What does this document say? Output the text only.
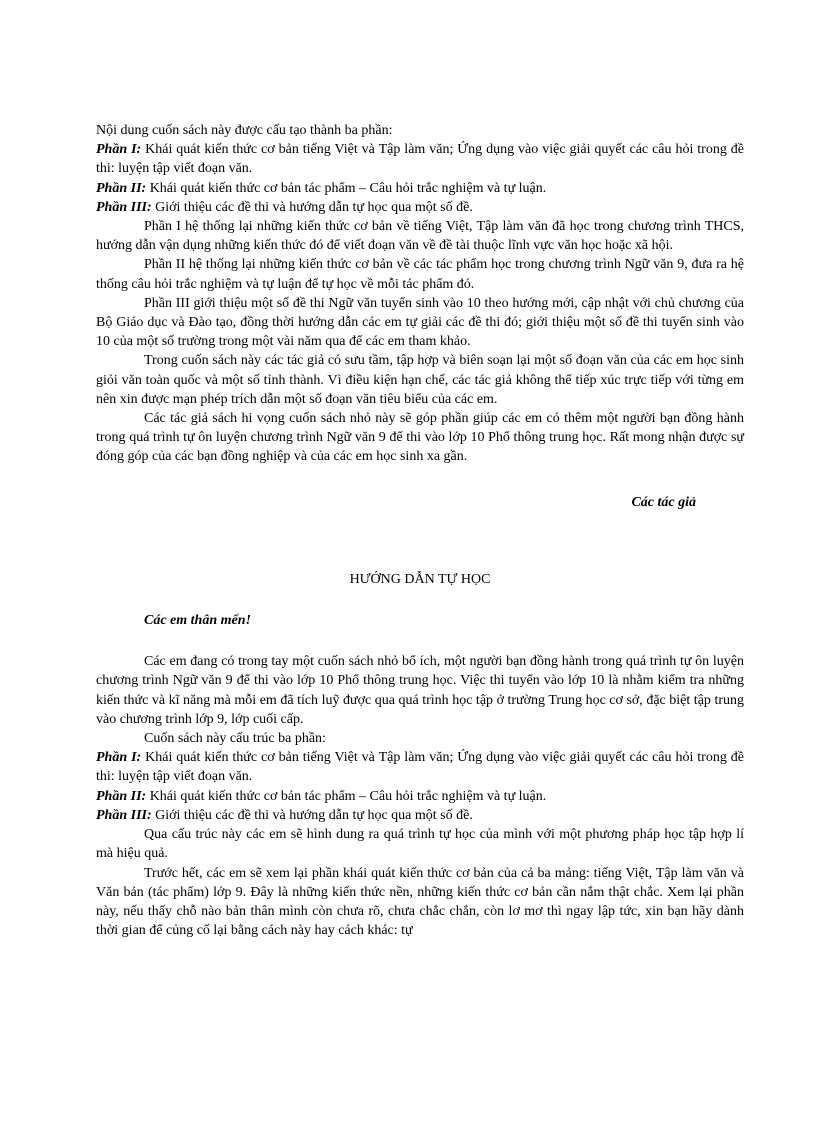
Nội dung cuốn sách này được cấu tạo thành ba phần:

Phần I: Khái quát kiến thức cơ bản tiếng Việt và Tập làm văn; Ứng dụng vào việc giải quyết các câu hỏi trong đề thi: luyện tập viết đoạn văn.

Phần II: Khái quát kiến thức cơ bản tác phẩm – Câu hỏi trắc nghiệm và tự luận.

Phần III: Giới thiệu các đề thi và hướng dẫn tự học qua một số đề.

Phần I hệ thống lại những kiến thức cơ bản về tiếng Việt, Tập làm văn đã học trong chương trình THCS, hướng dẫn vận dụng những kiến thức đó để viết đoạn văn về đề tài thuộc lĩnh vực văn học hoặc xã hội.

Phần II hệ thống lại những kiến thức cơ bản về các tác phẩm học trong chương trình Ngữ văn 9, đưa ra hệ thống câu hỏi trắc nghiệm và tự luận để tự học về mỗi tác phẩm đó.

Phần III giới thiệu một số đề thi Ngữ văn tuyển sinh vào 10 theo hướng mới, cập nhật với chủ chương của Bộ Giáo dục và Đào tạo, đồng thời hướng dẫn các em tự giải các đề thi đó; giới thiệu một số đề thi tuyển sinh vào 10 của một số trường trong một vài năm qua để các em tham khảo.

Trong cuốn sách này các tác giả có sưu tầm, tập hợp và biên soạn lại một số đoạn văn của các em học sinh giỏi văn toàn quốc và một số tỉnh thành. Vì điều kiện hạn chế, các tác giả không thể tiếp xúc trực tiếp với từng em nên xin được mạn phép trích dẫn một số đoạn văn tiêu biểu của các em.

Các tác giả sách hi vọng cuốn sách nhỏ này sẽ góp phần giúp các em có thêm một người bạn đồng hành trong quá trình tự ôn luyện chương trình Ngữ văn 9 để thi vào lớp 10 Phổ thông trung học. Rất mong nhận được sự đóng góp của các bạn đồng nghiệp và của các em học sinh xa gần.

Các tác giả

HƯỚNG DẪN TỰ HỌC

Các em thân mến!

Các em đang có trong tay một cuốn sách nhỏ bổ ích, một người bạn đồng hành trong quá trình tự ôn luyện chương trình Ngữ văn 9 để thi vào lớp 10 Phổ thông trung học. Việc thi tuyển vào lớp 10 là nhằm kiểm tra những kiến thức và kĩ năng mà mỗi em đã tích luỹ được qua quá trình học tập ở trường Trung học cơ sở, đặc biệt tập trung vào chương trình lớp 9, lớp cuối cấp.

Cuốn sách này cấu trúc ba phần:

Phần I: Khái quát kiến thức cơ bản tiếng Việt và Tập làm văn; Ứng dụng vào việc giải quyết các câu hỏi trong đề thi: luyện tập viết đoạn văn.

Phần II: Khái quát kiến thức cơ bản tác phẩm – Câu hỏi trắc nghiệm và tự luận.

Phần III: Giới thiệu các đề thi và hướng dẫn tự học qua một số đề.

Qua cấu trúc này các em sẽ hình dung ra quá trình tự học của mình với một phương pháp học tập hợp lí mà hiệu quả.

Trước hết, các em sẽ xem lại phần khái quát kiến thức cơ bản của cả ba mảng: tiếng Việt, Tập làm văn và Văn bản (tác phẩm) lớp 9. Đây là những kiến thức nền, những kiến thức cơ bản cần nắm thật chắc. Xem lại phần này, nếu thấy chỗ nào bản thân mình còn chưa rõ, chưa chắc chắn, còn lơ mơ thì ngay lập tức, xin bạn hãy dành thời gian để củng cố lại bằng cách này hay cách khác: tự
